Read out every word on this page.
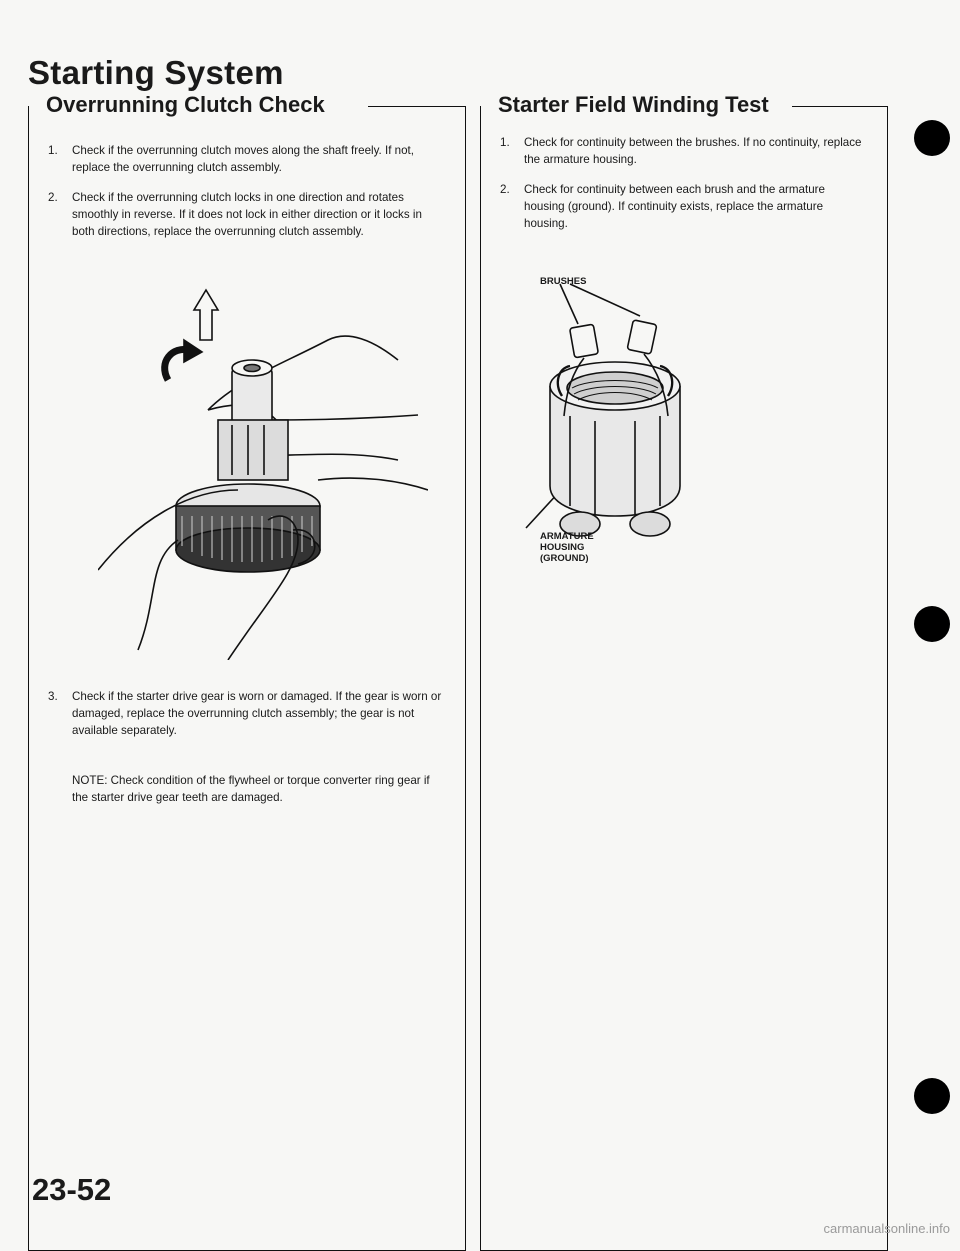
Starting System
Overrunning Clutch Check
1. Check if the overrunning clutch moves along the shaft freely. If not, replace the overrunning clutch assembly.
2. Check if the overrunning clutch locks in one direction and rotates smoothly in reverse. If it does not lock in either direction or it locks in both directions, replace the overrunning clutch assembly.
3. Check if the starter drive gear is worn or damaged. If the gear is worn or damaged, replace the overrunning clutch assembly; the gear is not available separately.

NOTE: Check condition of the flywheel or torque converter ring gear if the starter drive gear teeth are damaged.

Starter Field Winding Test
1. Check for continuity between the brushes. If no continuity, replace the armature housing.
2. Check for continuity between each brush and the armature housing (ground). If continuity exists, replace the armature housing.
BRUSHES
ARMATURE
HOUSING
(GROUND)

23-52

carmanualsonline.info
